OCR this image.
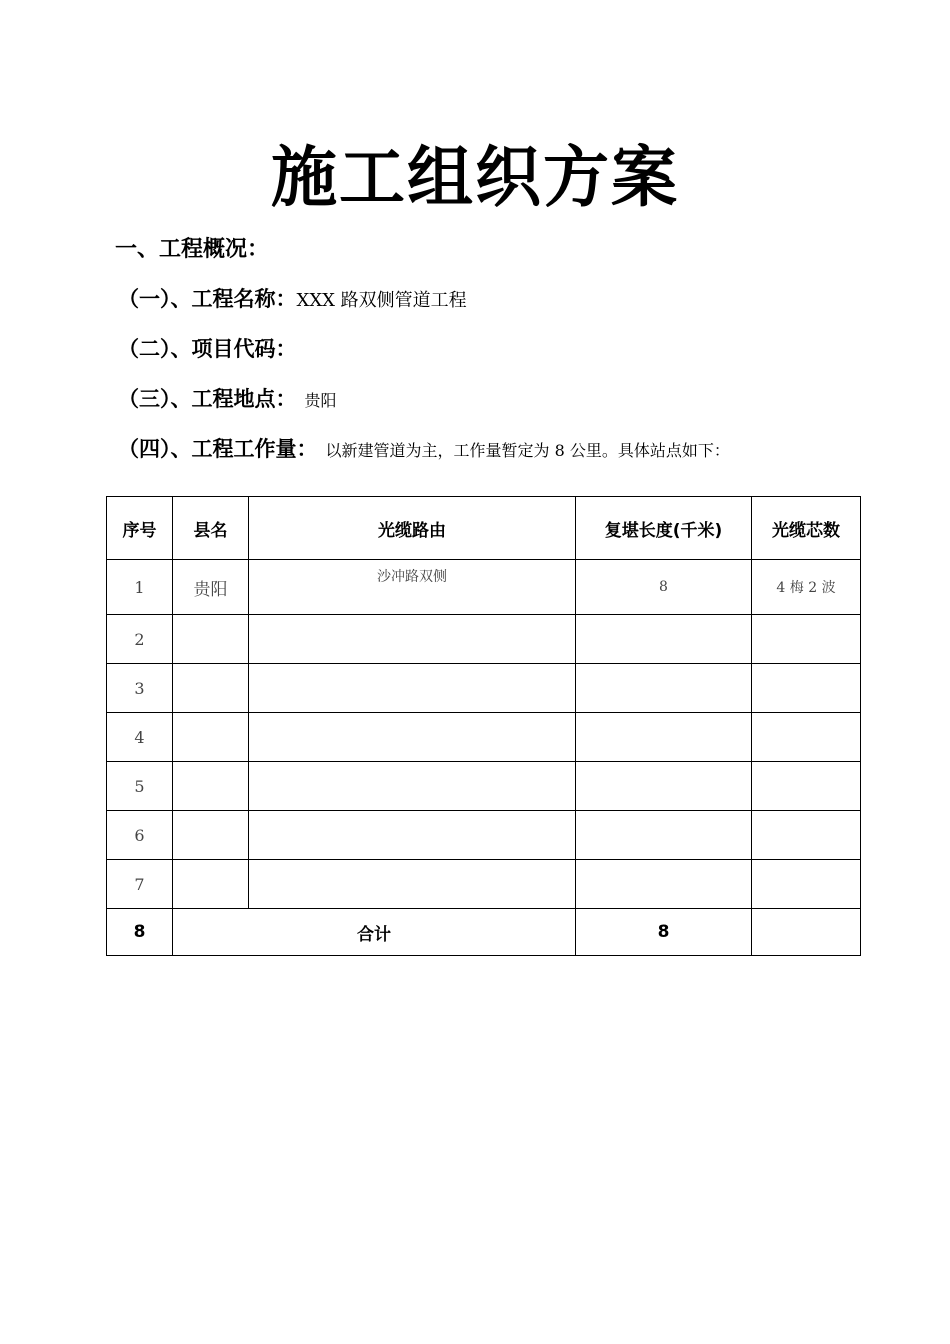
施工组织方案
一、工程概况：
（一）、工程名称：XXX 路双侧管道工程
（二）、项目代码：
（三）、工程地点： 贵阳
（四）、工程工作量： 以新建管道为主，工作量暂定为 8 公里。具体站点如下：
序号	县名	光缆路由	复堪长度(千米)	光缆芯数
1	贵阳	沙冲路双侧	8	4 梅 2 波
2				
3				
4				
5				
6				
7				
8	合计		8	
